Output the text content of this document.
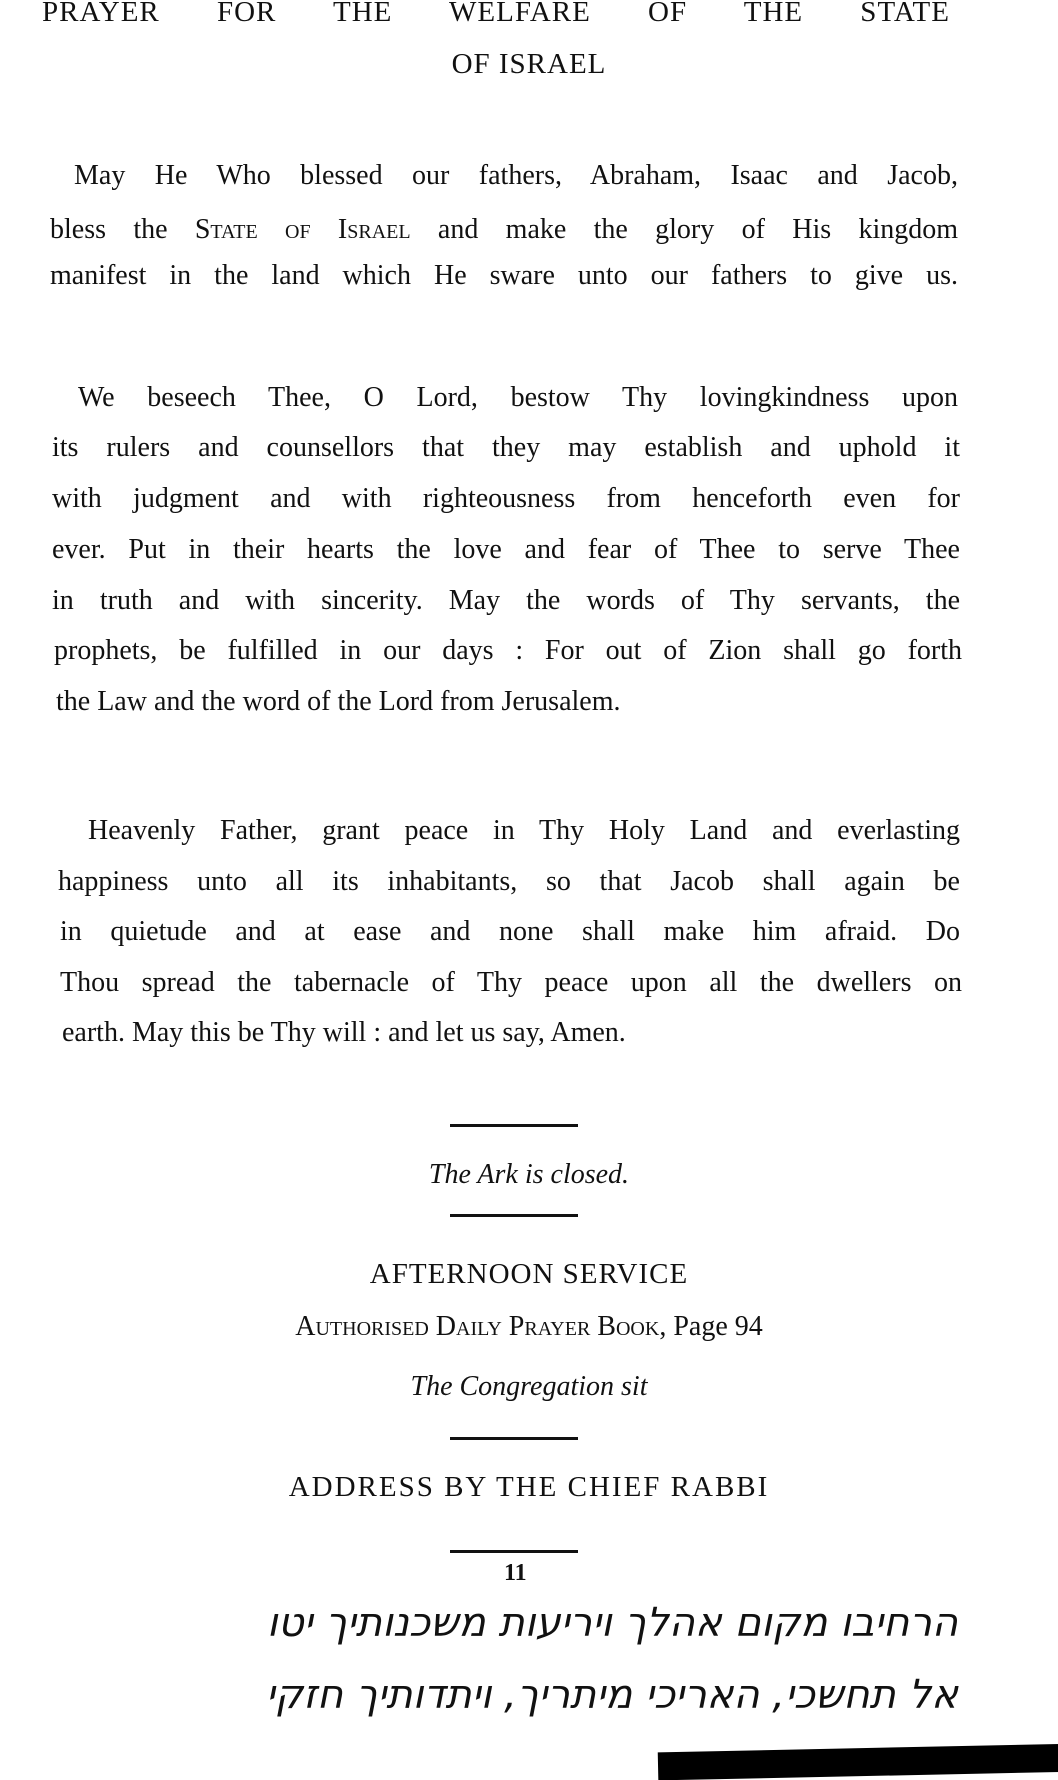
PRAYER FOR THE WELFARE OF THE STATE
OF ISRAEL
May He Who blessed our fathers, Abraham, Isaac and Jacob,
bless the State of Israel and make the glory of His kingdom
manifest in the land which He sware unto our fathers to give us.
We beseech Thee, O Lord, bestow Thy lovingkindness upon
its rulers and counsellors that they may establish and uphold it
with judgment and with righteousness from henceforth even for
ever. Put in their hearts the love and fear of Thee to serve Thee
in truth and with sincerity. May the words of Thy servants, the
prophets, be fulfilled in our days : For out of Zion shall go forth
the Law and the word of the Lord from Jerusalem.
Heavenly Father, grant peace in Thy Holy Land and everlasting
happiness unto all its inhabitants, so that Jacob shall again be
in quietude and at ease and none shall make him afraid. Do
Thou spread the tabernacle of Thy peace upon all the dwellers on
earth. May this be Thy will : and let us say, Amen.
The Ark is closed.
AFTERNOON SERVICE
Authorised Daily Prayer Book, Page 94
The Congregation sit
ADDRESS BY THE CHIEF RABBI
11
הרחיבו מקום אהלך ויריעות משכנותיך יטו
אל תחשכי, האריכי מיתריך, ויתדותיך חזקי
